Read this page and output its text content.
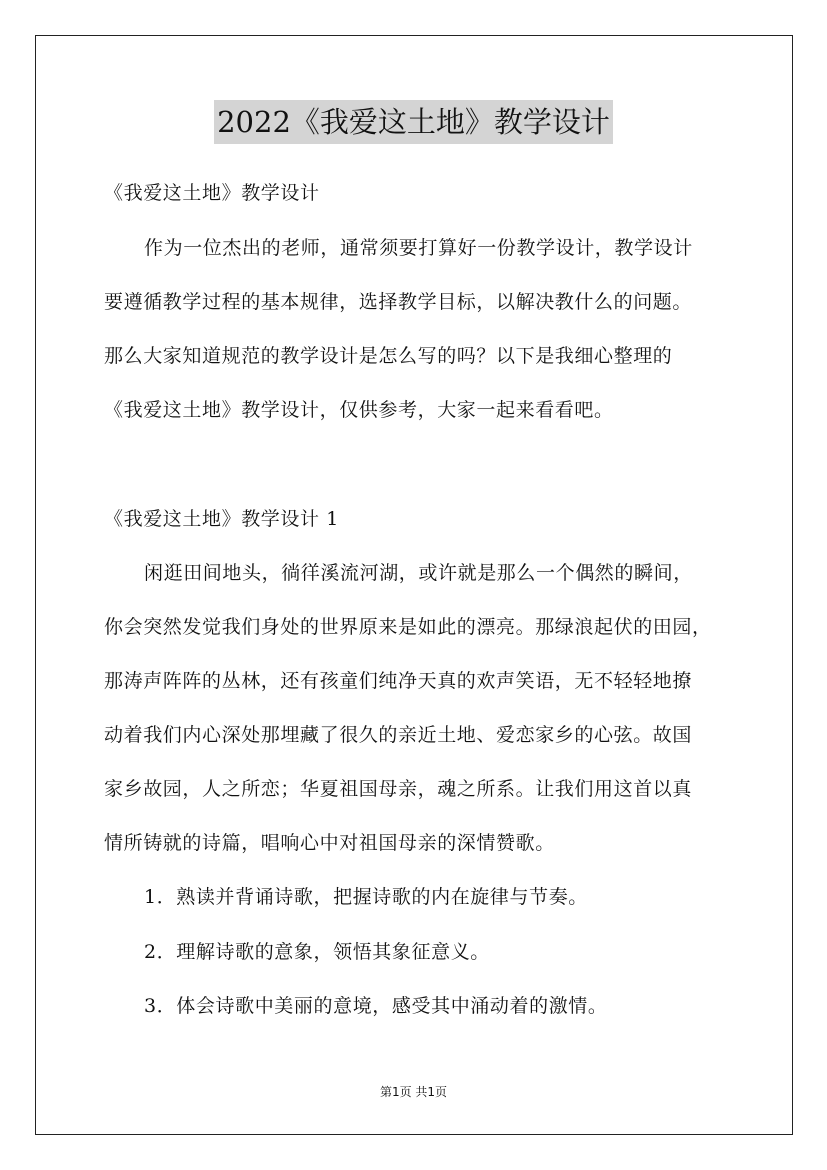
2022《我爱这土地》教学设计
《我爱这土地》教学设计
作为一位杰出的老师，通常须要打算好一份教学设计，教学设计
要遵循教学过程的基本规律，选择教学目标，以解决教什么的问题。
那么大家知道规范的教学设计是怎么写的吗？以下是我细心整理的
《我爱这土地》教学设计，仅供参考，大家一起来看看吧。
《我爱这土地》教学设计 1
闲逛田间地头，徜徉溪流河湖，或许就是那么一个偶然的瞬间，
你会突然发觉我们身处的世界原来是如此的漂亮。那绿浪起伏的田园，
那涛声阵阵的丛林，还有孩童们纯净天真的欢声笑语，无不轻轻地撩
动着我们内心深处那埋藏了很久的亲近土地、爱恋家乡的心弦。故国
家乡故园，人之所恋；华夏祖国母亲，魂之所系。让我们用这首以真
情所铸就的诗篇，唱响心中对祖国母亲的深情赞歌。
1．熟读并背诵诗歌，把握诗歌的内在旋律与节奏。
2．理解诗歌的意象，领悟其象征意义。
3．体会诗歌中美丽的意境，感受其中涌动着的激情。
第1页 共1页
